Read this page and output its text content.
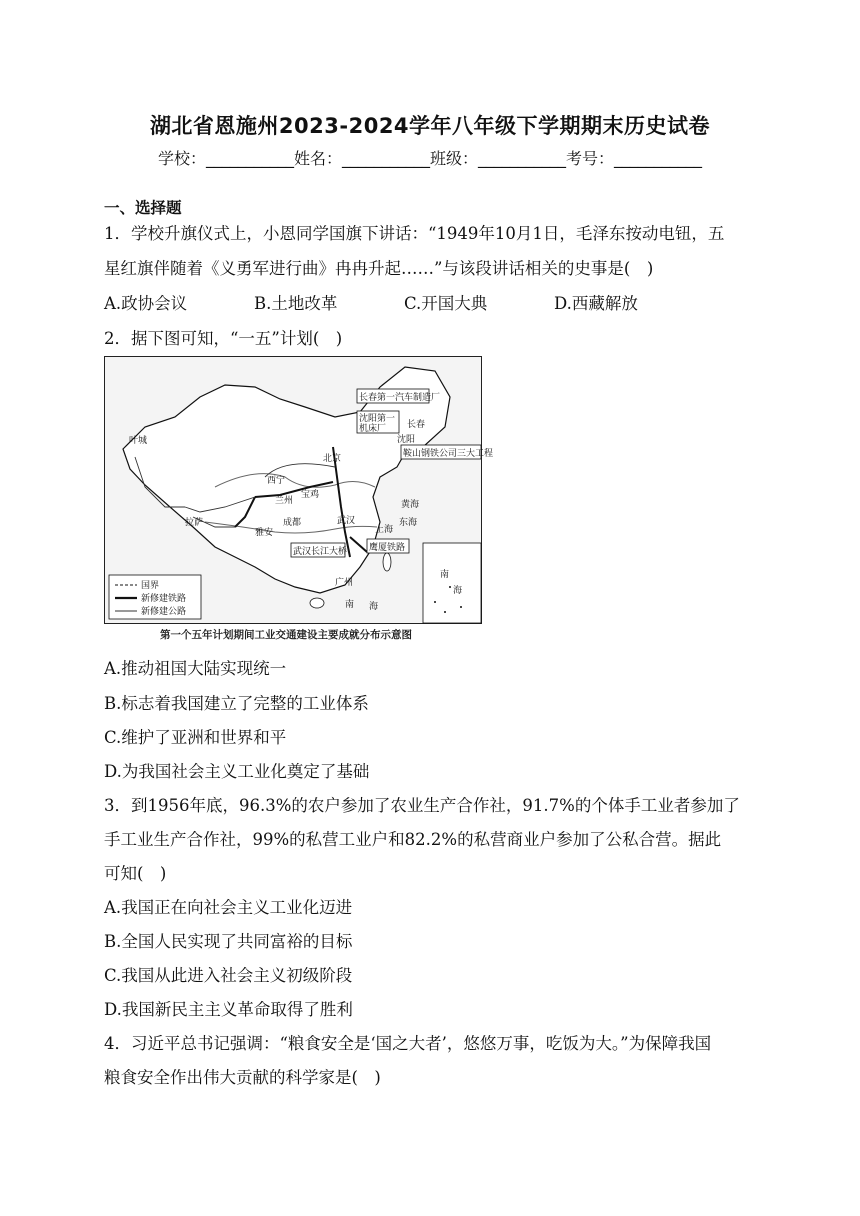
湖北省恩施州2023-2024学年八年级下学期期末历史试卷
学校：___________姓名：___________班级：___________考号：___________
一、选择题
1．学校升旗仪式上，小恩同学国旗下讲话：“1949年10月1日，毛泽东按动电钮，五
星红旗伴随着《义勇军进行曲》冉冉升起……”与该段讲话相关的史事是(　)
A.政协会议	B.土地改革	C.开国大典	D.西藏解放
2．据下图可知，“一五”计划(　)
长春第一汽车制造厂
沈阳第一
机床厂
鞍山钢铁公司三大工程
武汉长江大桥 鹰厦铁路
北京
长春
沈阳
西宁
兰州
宝鸡
成都
拉萨
雅安
武汉
上海
广州
叶城
南 海
东海
黄海
南
海
国界
新修建铁路
新修建公路
第一个五年计划期间工业交通建设主要成就分布示意图
A.推动祖国大陆实现统一
B.标志着我国建立了完整的工业体系
C.维护了亚洲和世界和平
D.为我国社会主义工业化奠定了基础
3．到1956年底，96.3%的农户参加了农业生产合作社，91.7%的个体手工业者参加了
手工业生产合作社，99%的私营工业户和82.2%的私营商业户参加了公私合营。据此
可知(　)
A.我国正在向社会主义工业化迈进
B.全国人民实现了共同富裕的目标
C.我国从此进入社会主义初级阶段
D.我国新民主主义革命取得了胜利
4．习近平总书记强调：“粮食安全是‘国之大者’，悠悠万事，吃饭为大。”为保障我国
粮食安全作出伟大贡献的科学家是(　)
